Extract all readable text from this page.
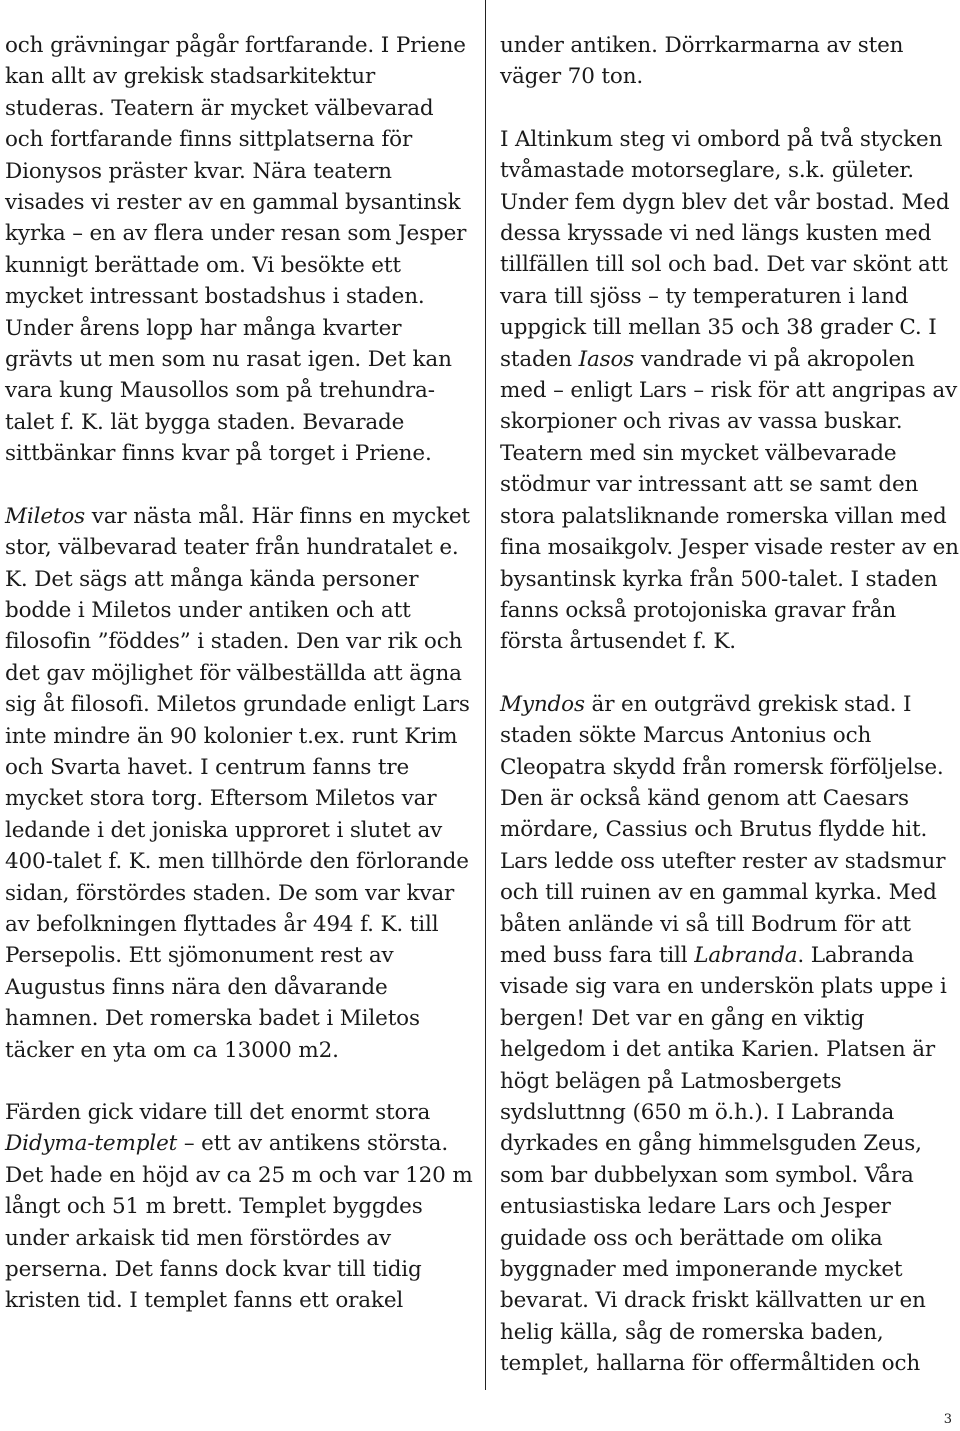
och grävningar pågår fortfarande. I Priene kan allt av grekisk stadsarkitektur studeras. Teatern är mycket välbevarad och fortfarande finns sittplatserna för Dionysos präster kvar. Nära teatern visades vi rester av en gammal bysantinsk kyrka – en av flera under resan som Jesper kunnigt berättade om. Vi besökte ett mycket intressant bostadshus i staden. Under årens lopp har många kvarter grävts ut men som nu rasat igen. Det kan vara kung Mausollos som på trehundra-talet f. K. lät bygga staden. Bevarade sittbänkar finns kvar på torget i Priene.

Miletos var nästa mål. Här finns en mycket stor, välbevarad teater från hundratalet e. K. Det sägs att många kända personer bodde i Miletos under antiken och att filosofin ”föddes” i staden. Den var rik och det gav möjlighet för välbeställda att ägna sig åt filosofi. Miletos grundade enligt Lars inte mindre än 90 kolonier t.ex. runt Krim och Svarta havet. I centrum fanns tre mycket stora torg. Eftersom Miletos var ledande i det joniska upproret i slutet av 400-talet f. K. men tillhörde den förlorande sidan, förstördes staden. De som var kvar av befolkningen flyttades år 494 f. K. till Persepolis. Ett sjömonument rest av Augustus finns nära den dåvarande hamnen. Det romerska badet i Miletos täcker en yta om ca 13000 m2.

Färden gick vidare till det enormt stora Didyma-templet – ett av antikens största. Det hade en höjd av ca 25 m och var 120 m långt och 51 m brett. Templet byggdes under arkaisk tid men förstördes av perserna. Det fanns dock kvar till tidig kristen tid. I templet fanns ett orakel

under antiken. Dörrkarmarna av sten väger 70 ton.

I Altinkum steg vi ombord på två stycken tvåmastade motorseglare, s.k. gületer. Under fem dygn blev det vår bostad. Med dessa kryssade vi ned längs kusten med tillfällen till sol och bad. Det var skönt att vara till sjöss – ty temperaturen i land uppgick till mellan 35 och 38 grader C. I staden Iasos vandrade vi på akropolen med – enligt Lars – risk för att angripas av skorpioner och rivas av vassa buskar. Teatern med sin mycket välbevarade stödmur var intressant att se samt den stora palatsliknande romerska villan med fina mosaikgolv. Jesper visade rester av en bysantinsk kyrka från 500-talet. I staden fanns också protojoniska gravar från första årtusendet f. K.

Myndos är en outgrävd grekisk stad. I staden sökte Marcus Antonius och Cleopatra skydd från romersk förföljelse. Den är också känd genom att Caesars mördare, Cassius och Brutus flydde hit. Lars ledde oss utefter rester av stadsmur och till ruinen av en gammal kyrka. Med båten anlände vi så till Bodrum för att med buss fara till Labranda. Labranda visade sig vara en underskön plats uppe i bergen! Det var en gång en viktig helgedom i det antika Karien. Platsen är högt belägen på Latmosbergets sydsluttnng (650 m ö.h.). I Labranda dyrkades en gång himmelsguden Zeus, som bar dubbelyxan som symbol. Våra entusiastiska ledare Lars och Jesper guidade oss och berättade om olika byggnader med imponerande mycket bevarat. Vi drack friskt källvatten ur en helig källa, såg de romerska baden, templet, hallarna för offermåltiden och

3
